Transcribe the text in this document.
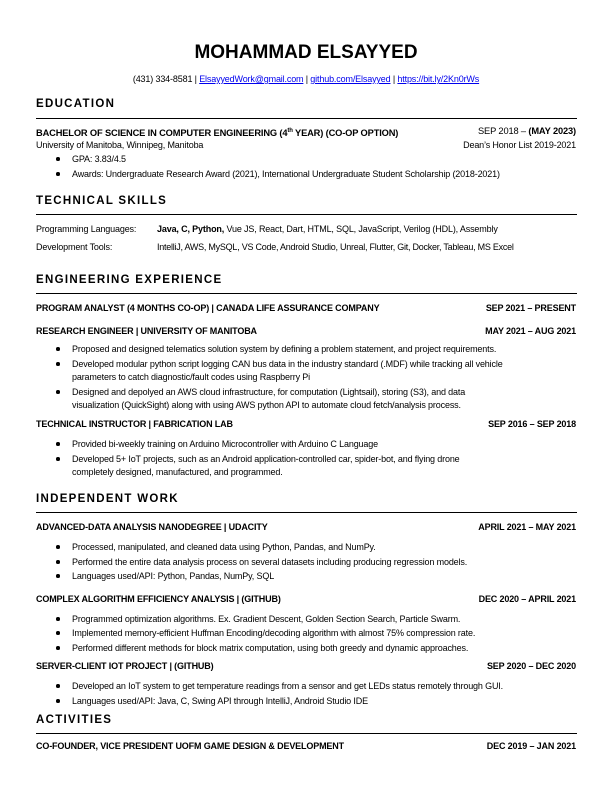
MOHAMMAD ELSAYYED
(431) 334-8581 | ElsayyedWork@gmail.com | github.com/Elsayyed | https://bit.ly/2Kn0rWs
EDUCATION
BACHELOR OF SCIENCE IN COMPUTER ENGINEERING (4th YEAR) (CO-OP OPTION)	SEP 2018 – (MAY 2023)
University of Manitoba, Winnipeg, Manitoba	Dean’s Honor List 2019-2021
GPA: 3.83/4.5
Awards: Undergraduate Research Award (2021), International Undergraduate Student Scholarship (2018-2021)
TECHNICAL SKILLS
Programming Languages: Java, C, Python, Vue JS, React, Dart, HTML, SQL, JavaScript, Verilog (HDL), Assembly
Development Tools:	IntelliJ, AWS, MySQL, VS Code, Android Studio, Unreal, Flutter, Git, Docker, Tableau, MS Excel
ENGINEERING EXPERIENCE
PROGRAM ANALYST (4 MONTHS CO-OP) | CANADA LIFE ASSURANCE COMPANY	SEP 2021 – PRESENT
RESEARCH ENGINEER | UNIVERSITY OF MANITOBA	MAY 2021 – AUG 2021
Proposed and designed telematics solution system by defining a problem statement, and project requirements.
Developed modular python script logging CAN bus data in the industry standard (.MDF) while tracking all vehicle
parameters to catch diagnostic/fault codes using Raspberry Pi
Designed and depolyed an AWS cloud infrastructure, for computation (Lightsail), storing (S3), and data
visualization (QuickSight) along with using AWS python API to automate cloud fetch/analysis process.
TECHNICAL INSTRUCTOR | FABRICATION LAB	SEP 2016 – SEP 2018
Provided bi-weekly training on Arduino Microcontroller with Arduino C Language
Developed 5+ IoT projects, such as an Android application-controlled car, spider-bot, and flying drone
completely designed, manufactured, and programmed.
INDEPENDENT WORK
ADVANCED-DATA ANALYSIS NANODEGREE | UDACITY	APRIL 2021 – MAY 2021
Processed, manipulated, and cleaned data using Python, Pandas, and NumPy.
Performed the entire data analysis process on several datasets including producing regression models.
Languages used/API: Python, Pandas, NumPy, SQL
COMPLEX ALGORITHM EFFICIENCY ANALYSIS | (GITHUB)	DEC 2020 – APRIL 2021
Programmed optimization algorithms. Ex. Gradient Descent, Golden Section Search, Particle Swarm.
Implemented memory-efficient Huffman Encoding/decoding algorithm with almost 75% compression rate.
Performed different methods for block matrix computation, using both greedy and dynamic approaches.
SERVER-CLIENT IOT PROJECT | (GITHUB)	SEP 2020 – DEC 2020
Developed an IoT system to get temperature readings from a sensor and get LEDs status remotely through GUI.
Languages used/API: Java, C, Swing API through IntelliJ, Android Studio IDE
ACTIVITIES
CO-FOUNDER, VICE PRESIDENT UOFM GAME DESIGN & DEVELOPMENT	DEC 2019 – JAN 2021
